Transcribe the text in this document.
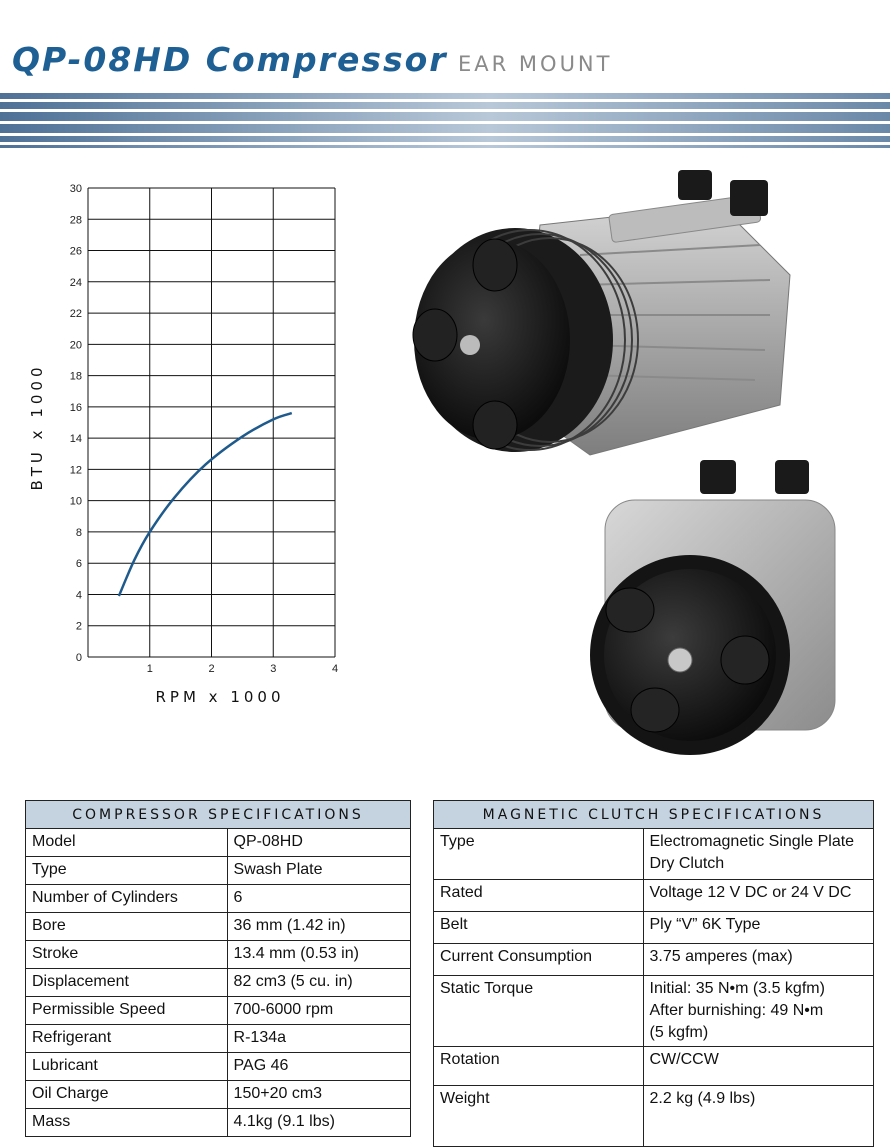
QP-08HD Compressor EAR MOUNT
0
2
4
6
8
10
12
14
16
18
20
22
24
26
28
30
1	2	3	4
RPM x 1000
BTU x 1000
COMPRESSOR SPECIFICATIONS	
Model	QP-08HD
Type	Swash Plate
Number of Cylinders	6
Bore	36 mm (1.42 in)
Stroke	13.4 mm (0.53 in)
Displacement	82 cm3 (5 cu. in)
Permissible Speed	700-6000 rpm
Refrigerant	R-134a
Lubricant	PAG 46
Oil Charge	150+20 cm3
Mass	4.1kg (9.1 lbs)
MAGNETIC CLUTCH SPECIFICATIONS	
Type	Electromagnetic Single Plate
Dry Clutch

Rated	Voltage 12 V DC or 24 V DC

Belt	Ply “V” 6K Type

Current Consumption	3.75 amperes (max)

Static Torque	Initial: 35 N•m (3.5 kgfm)
After burnishing: 49 N•m
(5 kgfm)

Rotation	CW/CCW

Weight	2.2 kg (4.9 lbs)
